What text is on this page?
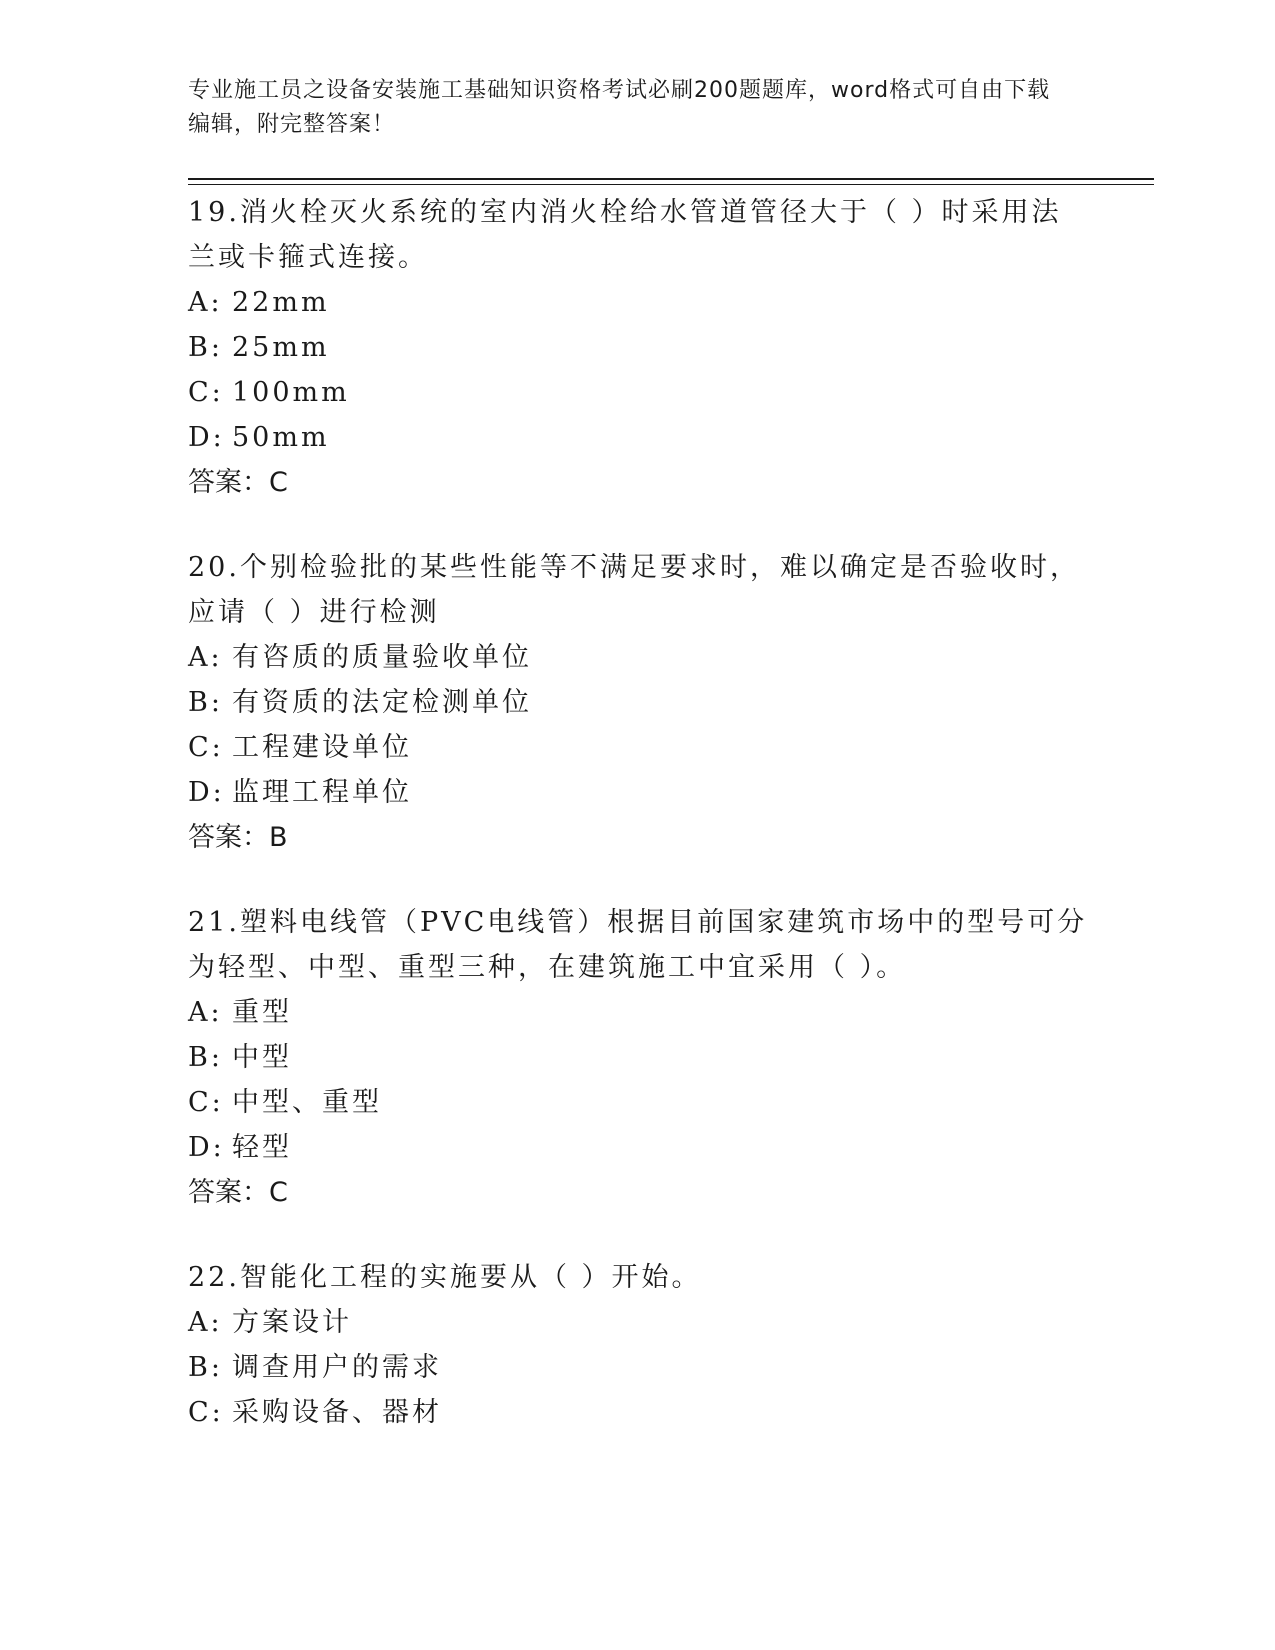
专业施工员之设备安装施工基础知识资格考试必刷200题题库，word格式可自由下载编辑，附完整答案！

19.消火栓灭火系统的室内消火栓给水管道管径大于（ ）时采用法兰或卡箍式连接。

A: 22mm

B: 25mm

C: 100mm

D: 50mm

答案：C

20.个别检验批的某些性能等不满足要求时，难以确定是否验收时，应请（ ）进行检测

A: 有咨质的质量验收单位

B: 有资质的法定检测单位

C: 工程建设单位

D: 监理工程单位

答案：B

21.塑料电线管（PVC电线管）根据目前国家建筑市场中的型号可分为轻型、中型、重型三种，在建筑施工中宜采用（ ）。

A: 重型

B: 中型

C: 中型、重型

D: 轻型

答案：C

22.智能化工程的实施要从（ ）开始。

A: 方案设计

B: 调查用户的需求

C: 采购设备、器材
